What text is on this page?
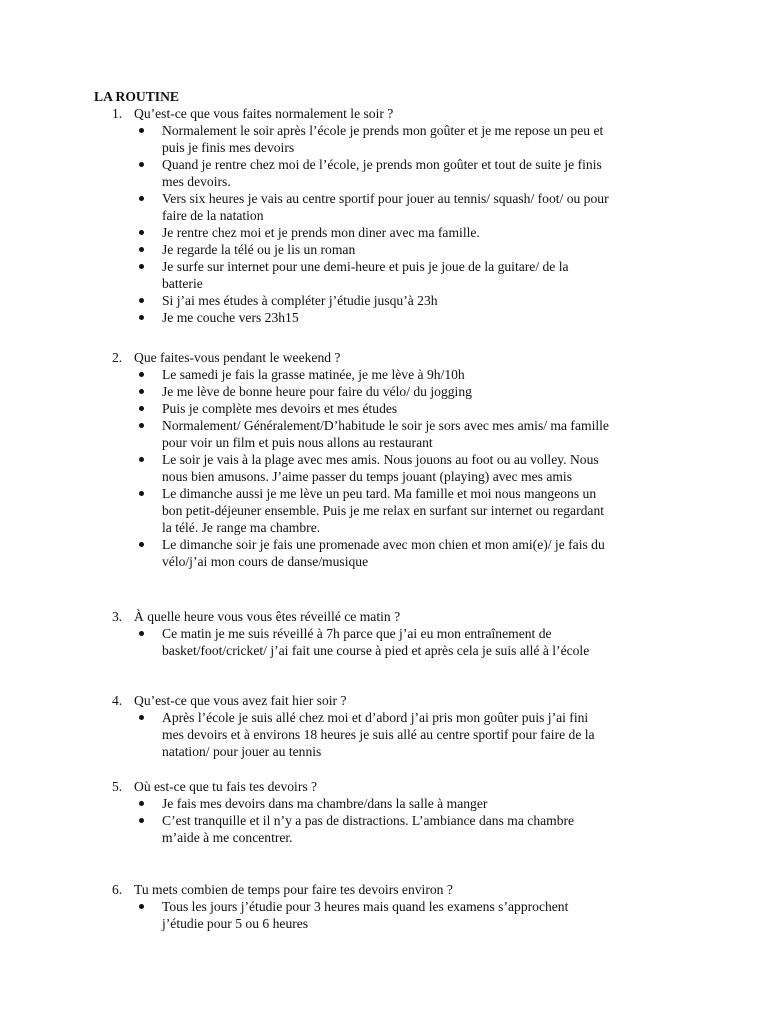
LA ROUTINE
1. Qu’est-ce que vous faites normalement le soir ?
Normalement le soir après l’école je prends mon goûter et je me repose un peu et
puis je finis mes devoirs
Quand je rentre chez moi de l’école, je prends mon goûter et tout de suite je finis
mes devoirs.
Vers six heures je vais au centre sportif pour jouer au tennis/ squash/ foot/ ou pour
faire de la natation
Je rentre chez moi et je prends mon diner avec ma famille.
Je regarde la télé ou je lis un roman
Je surfe sur internet pour une demi-heure et puis je joue de la guitare/ de la
batterie
Si j’ai mes études à compléter j’étudie jusqu’à 23h
Je me couche vers 23h15
2. Que faites-vous pendant le weekend ?
Le samedi je fais la grasse matinée, je me lève à 9h/10h
Je me lève de bonne heure pour faire du vélo/ du jogging
Puis je complète mes devoirs et mes études
Normalement/ Généralement/D’habitude le soir je sors avec mes amis/ ma famille
pour voir un film et puis nous allons au restaurant
Le soir je vais à la plage avec mes amis. Nous jouons au foot ou au volley. Nous
nous bien amusons. J’aime passer du temps jouant (playing) avec mes amis
Le dimanche aussi je me lève un peu tard. Ma famille et moi nous mangeons un
bon petit-déjeuner ensemble. Puis je me relax en surfant sur internet ou regardant
la télé. Je range ma chambre.
Le dimanche soir je fais une promenade avec mon chien et mon ami(e)/ je fais du
vélo/j’ai mon cours de danse/musique
3. À quelle heure vous vous êtes réveillé ce matin ?
Ce matin je me suis réveillé à 7h parce que j’ai eu mon entraînement de
basket/foot/cricket/ j’ai fait une course à pied et après cela je suis allé à l’école
4. Qu’est-ce que vous avez fait hier soir ?
Après l’école je suis allé chez moi et d’abord j’ai pris mon goûter puis j’ai fini
mes devoirs et à environs 18 heures je suis allé au centre sportif pour faire de la
natation/ pour jouer au tennis
5. Où est-ce que tu fais tes devoirs ?
Je fais mes devoirs dans ma chambre/dans la salle à manger
C’est tranquille et il n’y a pas de distractions. L’ambiance dans ma chambre
m’aide à me concentrer.
6. Tu mets combien de temps pour faire tes devoirs environ ?
Tous les jours j’étudie pour 3 heures mais quand les examens s’approchent
j’étudie pour 5 ou 6 heures
